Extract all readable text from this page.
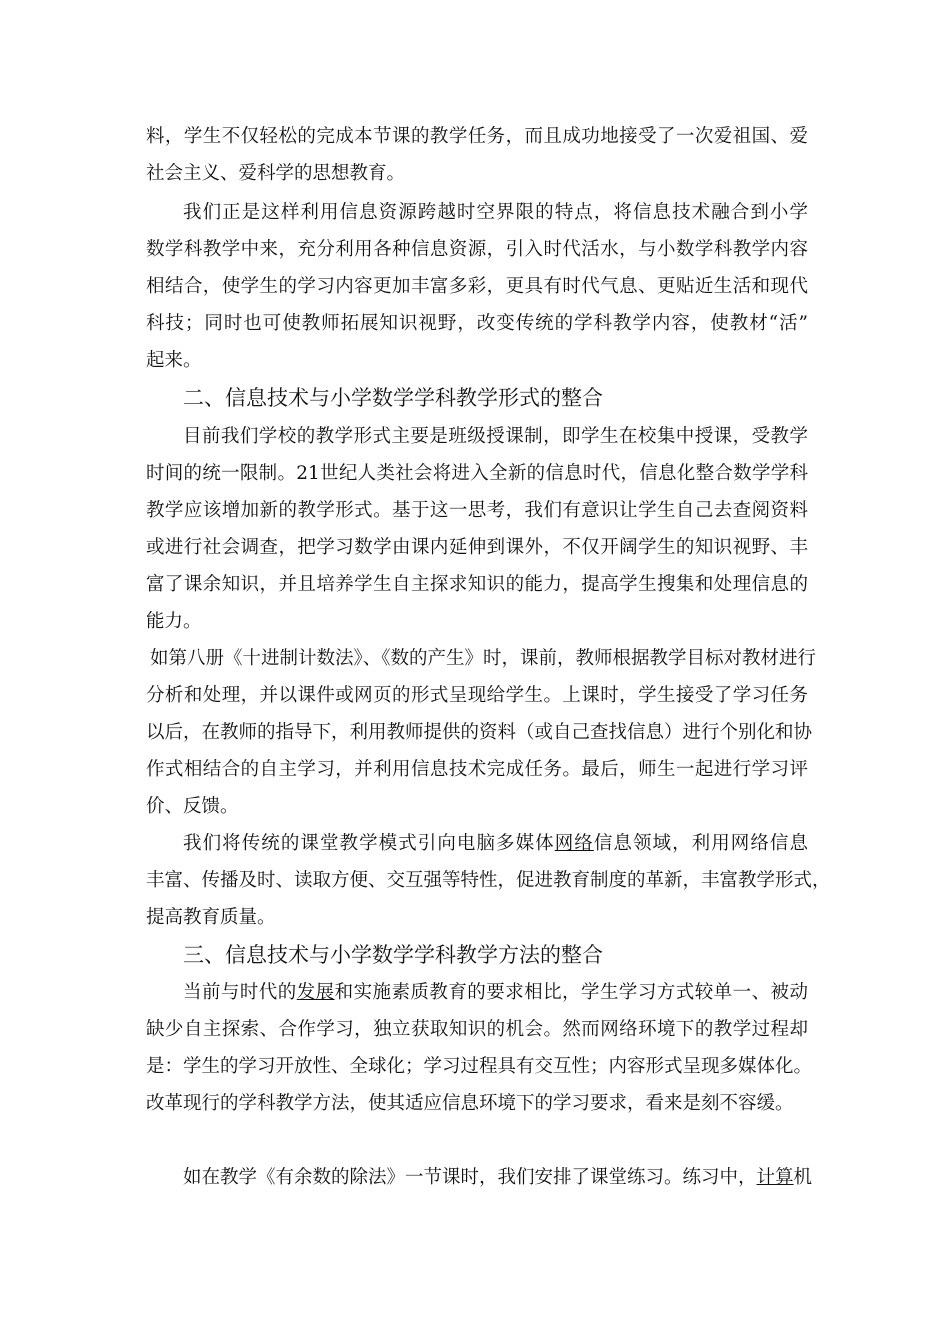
料，学生不仅轻松的完成本节课的教学任务，而且成功地接受了一次爱祖国、爱
社会主义、爱科学的思想教育。
我们正是这样利用信息资源跨越时空界限的特点，将信息技术融合到小学
数学科教学中来，充分利用各种信息资源，引入时代活水，与小数学科教学内容
相结合，使学生的学习内容更加丰富多彩，更具有时代气息、更贴近生活和现代
科技；同时也可使教师拓展知识视野，改变传统的学科教学内容，使教材“活”
起来。
二、信息技术与小学数学学科教学形式的整合
目前我们学校的教学形式主要是班级授课制，即学生在校集中授课，受教学
时间的统一限制。21世纪人类社会将进入全新的信息时代，信息化整合数学学科
教学应该增加新的教学形式。基于这一思考，我们有意识让学生自己去查阅资料
或进行社会调查，把学习数学由课内延伸到课外，不仅开阔学生的知识视野、丰
富了课余知识，并且培养学生自主探求知识的能力，提高学生搜集和处理信息的
能力。
如第八册《十进制计数法》、《数的产生》时，课前，教师根据教学目标对教材进行
分析和处理，并以课件或网页的形式呈现给学生。上课时，学生接受了学习任务
以后，在教师的指导下，利用教师提供的资料（或自己查找信息）进行个别化和协
作式相结合的自主学习，并利用信息技术完成任务。最后，师生一起进行学习评
价、反馈。
我们将传统的课堂教学模式引向电脑多媒体网络信息领域，利用网络信息
丰富、传播及时、读取方便、交互强等特性，促进教育制度的革新，丰富教学形式，
提高教育质量。
三、信息技术与小学数学学科教学方法的整合
当前与时代的发展和实施素质教育的要求相比，学生学习方式较单一、被动
缺少自主探索、合作学习，独立获取知识的机会。然而网络环境下的教学过程却
是：学生的学习开放性、全球化；学习过程具有交互性；内容形式呈现多媒体化。
改革现行的学科教学方法，使其适应信息环境下的学习要求，看来是刻不容缓。
如在教学《有余数的除法》一节课时，我们安排了课堂练习。练习中，计算机
